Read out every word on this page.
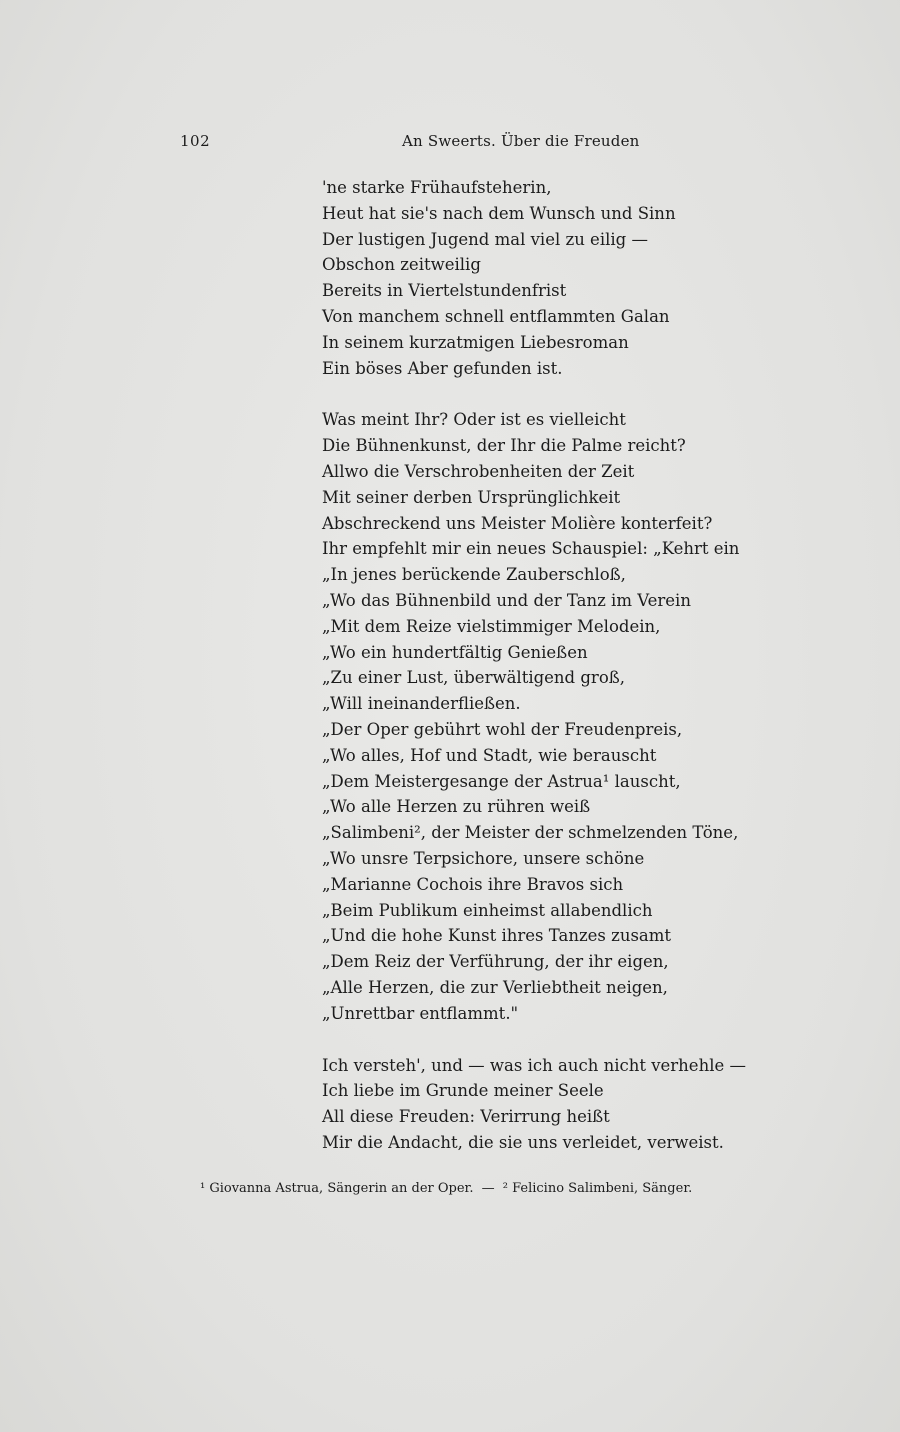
102	An Sweerts. Über die Freuden
'ne starke Frühaufsteherin,
Heut hat sie's nach dem Wunsch und Sinn
Der lustigen Jugend mal viel zu eilig —
Obschon zeitweilig
Bereits in Viertelstundenfrist
Von manchem schnell entflammten Galan
In seinem kurzatmigen Liebesroman
Ein böses Aber gefunden ist.
Was meint Ihr? Oder ist es vielleicht
Die Bühnenkunst, der Ihr die Palme reicht?
Allwo die Verschrobenheiten der Zeit
Mit seiner derben Ursprünglichkeit
Abschreckend uns Meister Molière konterfeit?
Ihr empfehlt mir ein neues Schauspiel: „Kehrt ein
„In jenes berückende Zauberschloß,
„Wo das Bühnenbild und der Tanz im Verein
„Mit dem Reize vielstimmiger Melodein,
„Wo ein hundertfältig Genießen
„Zu einer Lust, überwältigend groß,
„Will ineinanderfließen.
„Der Oper gebührt wohl der Freudenpreis,
„Wo alles, Hof und Stadt, wie berauscht
„Dem Meistergesange der Astrua¹ lauscht,
„Wo alle Herzen zu rühren weiß
„Salimbeni², der Meister der schmelzenden Töne,
„Wo unsre Terpsichore, unsere schöne
„Marianne Cochois ihre Bravos sich
„Beim Publikum einheimst allabendlich
„Und die hohe Kunst ihres Tanzes zusamt
„Dem Reiz der Verführung, der ihr eigen,
„Alle Herzen, die zur Verliebtheit neigen,
„Unrettbar entflammt."
Ich versteh', und — was ich auch nicht verhehle —
Ich liebe im Grunde meiner Seele
All diese Freuden: Verirrung heißt
Mir die Andacht, die sie uns verleidet, verweist.
¹ Giovanna Astrua, Sängerin an der Oper. — ² Felicino Salimbeni, Sänger.
